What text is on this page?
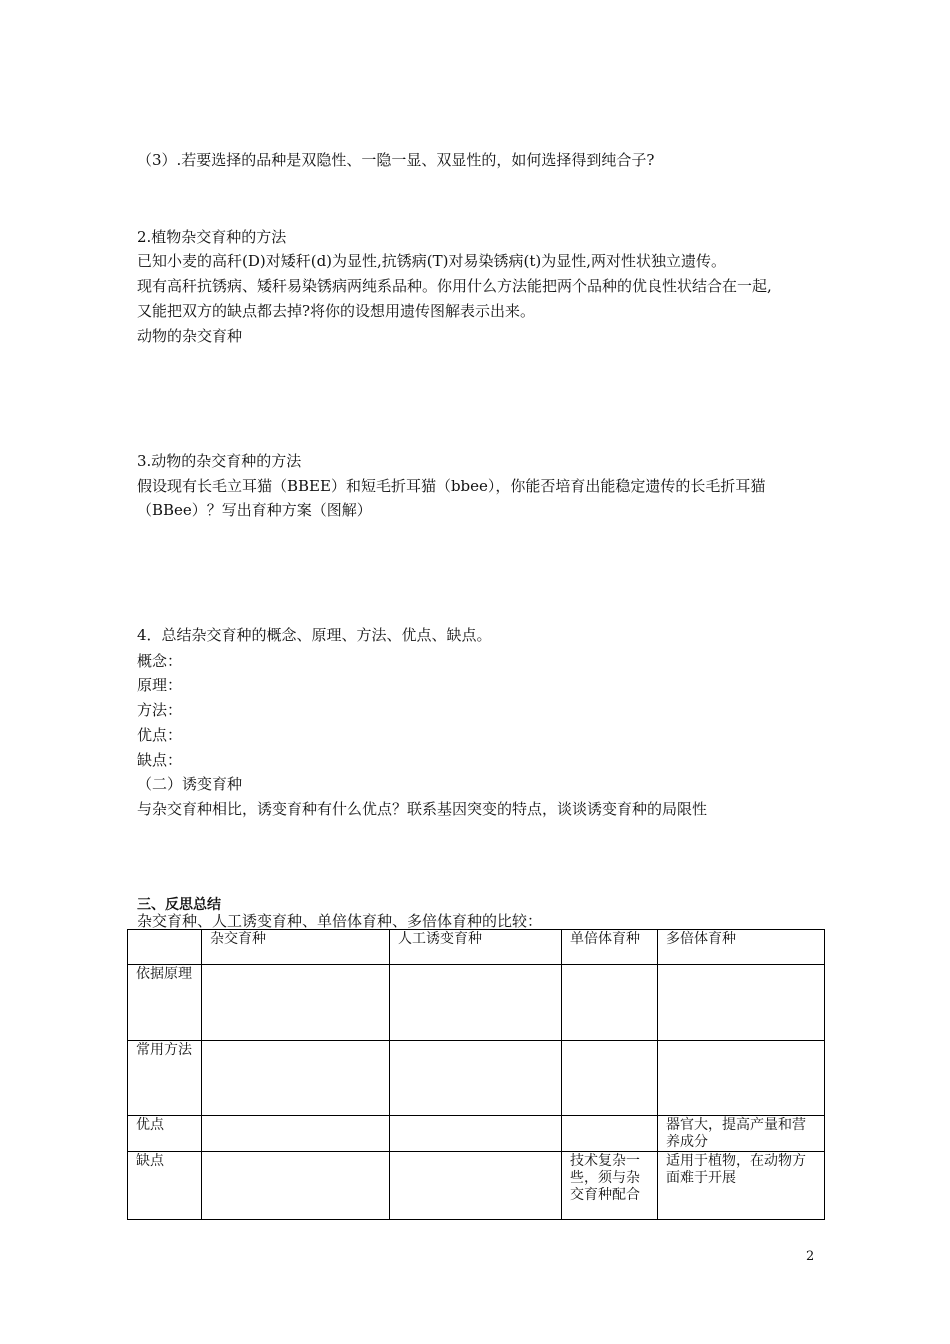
（3）.若要选择的品种是双隐性、一隐一显、双显性的，如何选择得到纯合子?
2.植物杂交育种的方法
已知小麦的高秆(D)对矮秆(d)为显性,抗锈病(T)对易染锈病(t)为显性,两对性状独立遗传。
现有高秆抗锈病、矮秆易染锈病两纯系品种。你用什么方法能把两个品种的优良性状结合在一起,
又能把双方的缺点都去掉?将你的设想用遗传图解表示出来。
动物的杂交育种
3.动物的杂交育种的方法
假设现有长毛立耳猫（BBEE）和短毛折耳猫（bbee），你能否培育出能稳定遗传的长毛折耳猫
（BBee）？写出育种方案（图解）
4．总结杂交育种的概念、原理、方法、优点、缺点。
概念：
原理：
方法：
优点：
缺点：
（二）诱变育种
与杂交育种相比，诱变育种有什么优点？联系基因突变的特点，谈谈诱变育种的局限性
三、反思总结
杂交育种、人工诱变育种、单倍体育种、多倍体育种的比较：
	杂交育种	人工诱变育种	单倍体育种	多倍体育种
依据原理				
常用方法				
优点				器官大，提高产量和营养成分
缺点			技术复杂一些，须与杂交育种配合	适用于植物，在动物方面难于开展
2
